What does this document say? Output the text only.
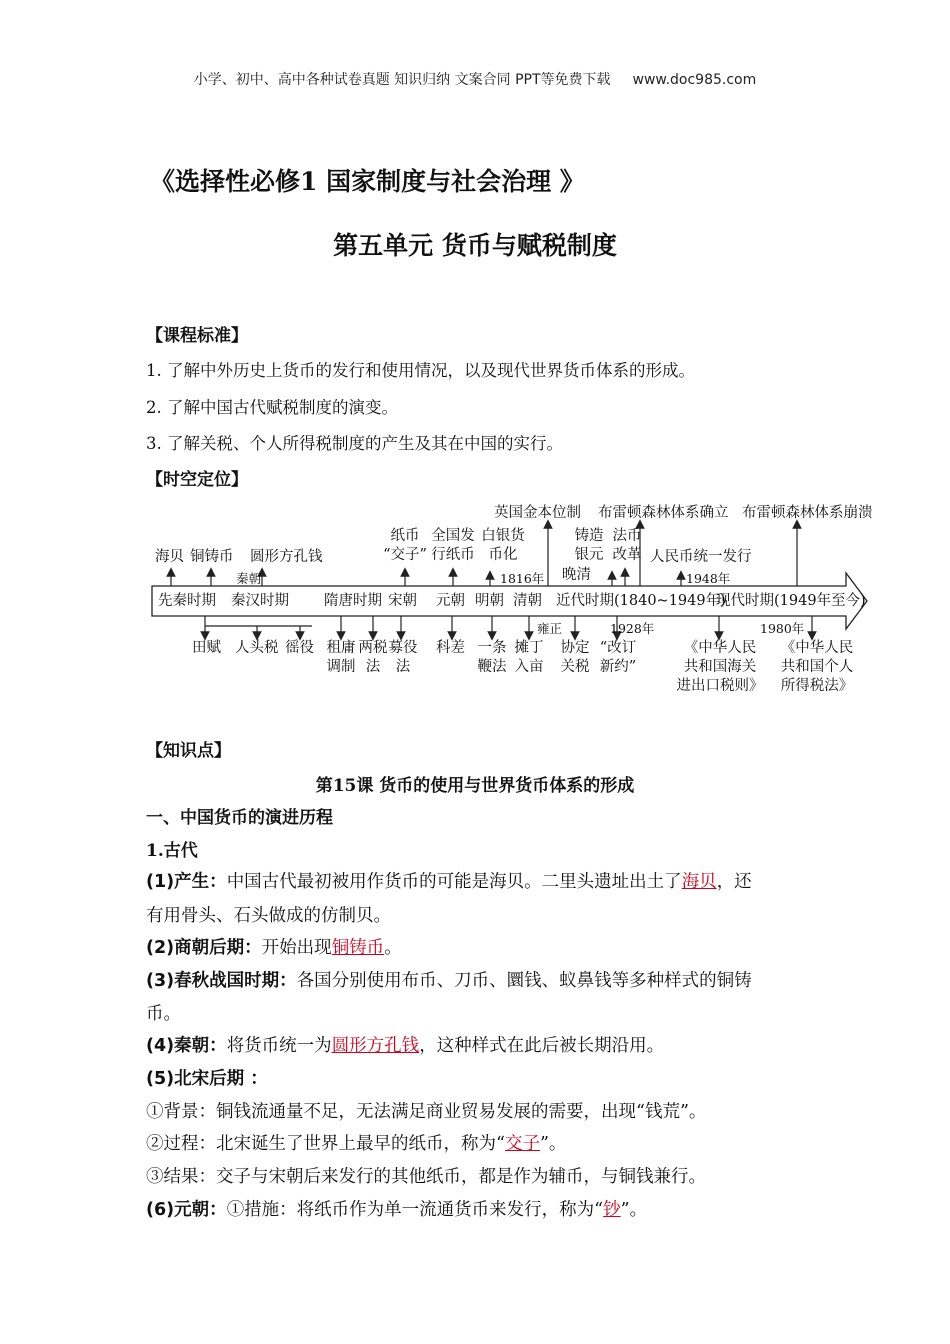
小学、初中、高中各种试卷真题 知识归纳 文案合同 PPT等免费下载 www.doc985.com
《选择性必修1 国家制度与社会治理 》
第五单元 货币与赋税制度
【课程标准】
1. 了解中外历史上货币的发行和使用情况，以及现代世界货币体系的形成。
2. 了解中国古代赋税制度的演变。
3. 了解关税、个人所得税制度的产生及其在中国的实行。
【时空定位】
先秦时期 秦汉时期 隋唐时期 宋朝 元朝 明朝 清朝 近代时期(1840~1949年)
现代时期(1949年至今)
海贝 铜铸币 圆形方孔钱
秦朝
纸币
“交子”
全国发
行纸币
白银货
币化
1816年
英国金本位制
铸造
银元
晚清
法币
改革
布雷顿森林体系确立 布雷顿森林体系崩溃
人民币统一发行
1948年
田赋 人头税 徭役 租庸
调制
两税
法
募役
法
科差 一条
鞭法
摊丁
入亩
雍正
协定
关税
1928年
“改订
新约”
《中华人民
共和国海关
进出口税则》
1980年
《中华人民
共和国个人
所得税法》
【知识点】
第15课 货币的使用与世界货币体系的形成
一、中国货币的演进历程
1.古代
(1)产生：中国古代最初被用作货币的可能是海贝。二里头遗址出土了海贝，还
有用骨头、石头做成的仿制贝。
(2)商朝后期：开始出现铜铸币。
(3)春秋战国时期：各国分别使用布币、刀币、圜钱、蚁鼻钱等多种样式的铜铸
币。
(4)秦朝：将货币统一为圆形方孔钱，这种样式在此后被长期沿用。
(5)北宋后期 ：
①背景：铜钱流通量不足，无法满足商业贸易发展的需要，出现“钱荒”。
②过程：北宋诞生了世界上最早的纸币，称为“交子”。
③结果：交子与宋朝后来发行的其他纸币，都是作为辅币，与铜钱兼行。
(6)元朝：①措施：将纸币作为单一流通货币来发行，称为“钞”。
